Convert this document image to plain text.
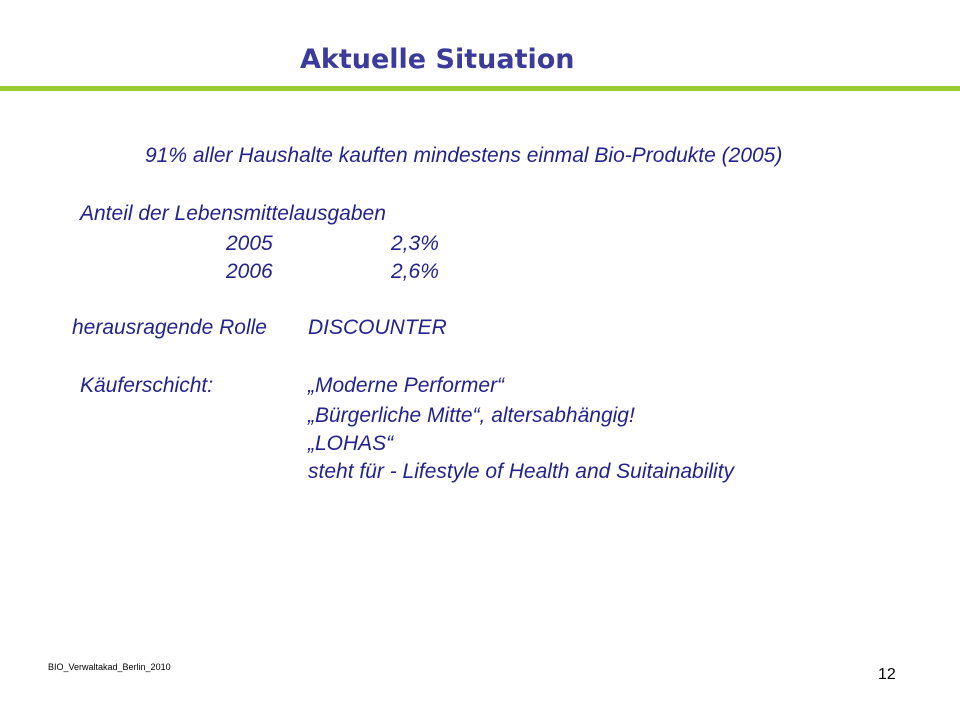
Aktuelle Situation
91% aller Haushalte kauften mindestens einmal Bio-Produkte (2005)
Anteil der Lebensmittelausgaben
2005	2,3%
2006	2,6%
herausragende Rolle DISCOUNTER
Käuferschicht:	„Moderne Performer“
„Bürgerliche Mitte“, altersabhängig!
„LOHAS“
steht für - Lifestyle of Health and Suitainability
BIO_Verwaltakad_Berlin_2010	12
